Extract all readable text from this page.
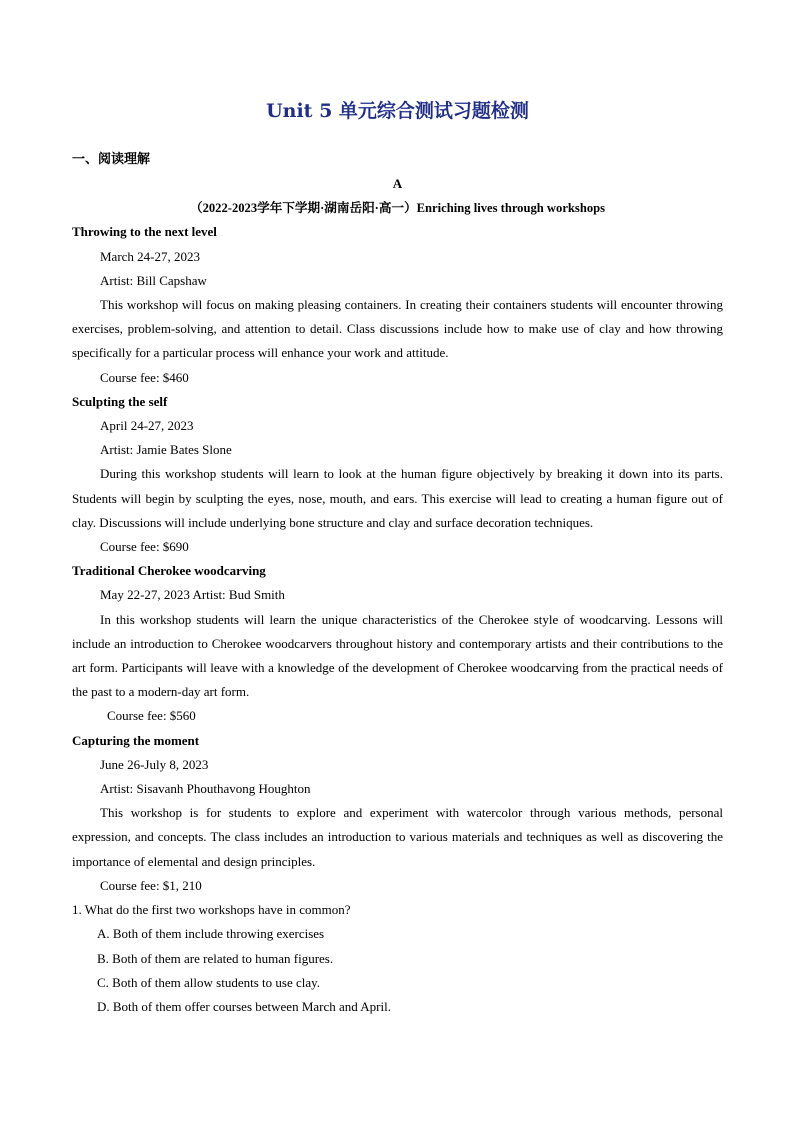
Unit 5 单元综合测试习题检测
一、阅读理解
A
（2022-2023学年下学期·湖南岳阳·高一）Enriching lives through workshops
Throwing to the next level
March 24-27, 2023
Artist: Bill Capshaw
This workshop will focus on making pleasing containers. In creating their containers students will encounter throwing exercises, problem-solving, and attention to detail. Class discussions include how to make use of clay and how throwing specifically for a particular process will enhance your work and attitude.
Course fee: $460
Sculpting the self
April 24-27, 2023
Artist: Jamie Bates Slone
During this workshop students will learn to look at the human figure objectively by breaking it down into its parts. Students will begin by sculpting the eyes, nose, mouth, and ears. This exercise will lead to creating a human figure out of clay. Discussions will include underlying bone structure and clay and surface decoration techniques.
Course fee: $690
Traditional Cherokee woodcarving
May 22-27, 2023 Artist: Bud Smith
In this workshop students will learn the unique characteristics of the Cherokee style of woodcarving. Lessons will include an introduction to Cherokee woodcarvers throughout history and contemporary artists and their contributions to the art form. Participants will leave with a knowledge of the development of Cherokee woodcarving from the practical needs of the past to a modern-day art form.
Course fee: $560
Capturing the moment
June 26-July 8, 2023
Artist: Sisavanh Phouthavong Houghton
This workshop is for students to explore and experiment with watercolor through various methods, personal expression, and concepts. The class includes an introduction to various materials and techniques as well as discovering the importance of elemental and design principles.
Course fee: $1, 210
1. What do the first two workshops have in common?
A. Both of them include throwing exercises
B. Both of them are related to human figures.
C. Both of them allow students to use clay.
D. Both of them offer courses between March and April.
